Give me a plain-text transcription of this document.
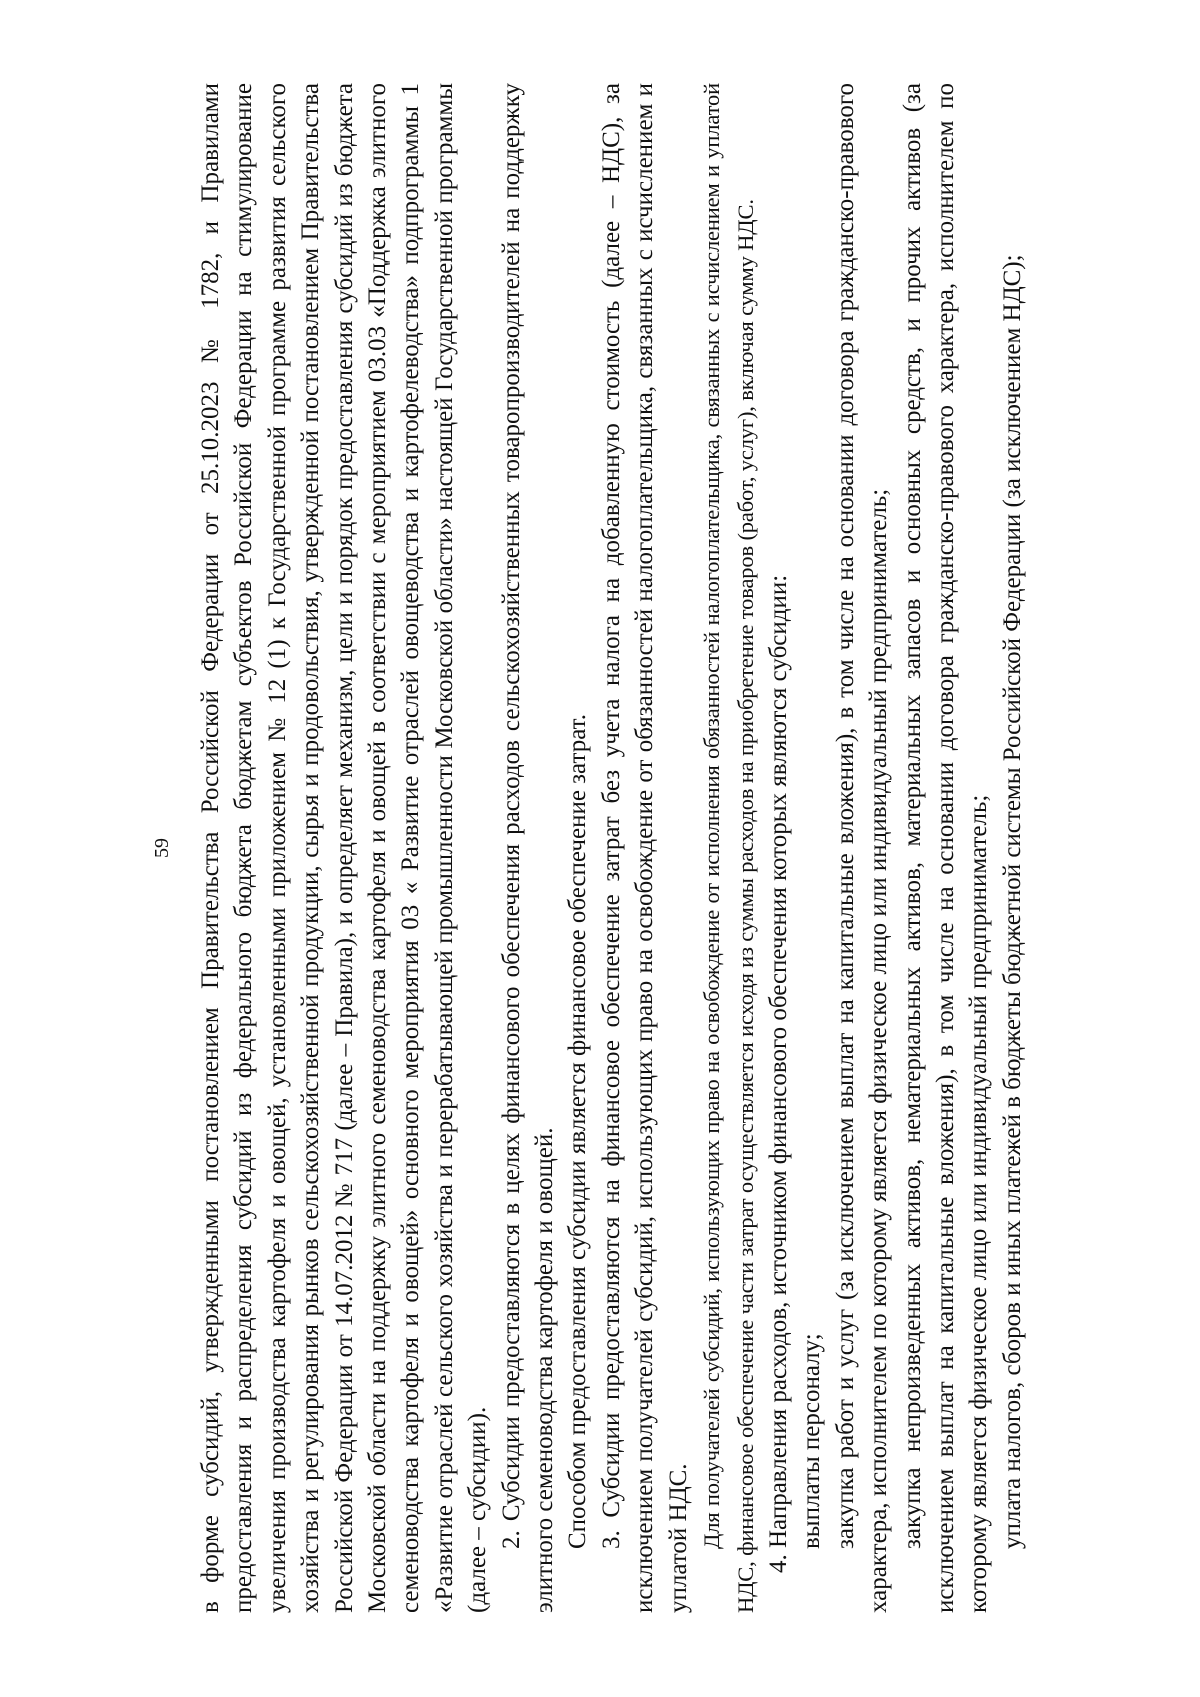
59 в форме субсидий, утвержденными постановлением Правительства Российской Федерации от 25.10.2023 № 1782, и Правилами предоставления и распределения субсидий из федерального бюджета бюджетам субъектов Российской Федерации на стимулирование увеличения производства картофеля и овощей, установленными приложением № 12 (1) к Государственной программе развития сельского хозяйства и регулирования рынков сельскохозяйственной продукции, сырья и продовольствия, утвержденной постановлением Правительства Российской Федерации от 14.07.2012 № 717 (далее – Правила), и определяет механизм, цели и порядок предоставления субсидий из бюджета Московской области на поддержку элитного семеноводства картофеля и овощей в соответствии с мероприятием 03.03 «Поддержка элитного семеноводства картофеля и овощей» основного мероприятия 03 « Развитие отраслей овощеводства и картофелеводства» подпрограммы 1 «Развитие отраслей сельского хозяйства и перерабатывающей промышленности Московской области» настоящей Государственной программы (далее – субсидии). 2. Субсидии предоставляются в целях финансового обеспечения расходов сельскохозяйственных товаропроизводителей на поддержку элитного семеноводства картофеля и овощей. Способом предоставления субсидии является финансовое обеспечение затрат. 3. Субсидии предоставляются на финансовое обеспечение затрат без учета налога на добавленную стоимость (далее – НДС), за исключением получателей субсидий, использующих право на освобождение от обязанностей налогоплательщика, связанных с исчислением и уплатой НДС. Для получателей субсидий, использующих право на освобождение от исполнения обязанностей налогоплательщика, связанных с исчислением и уплатой НДС, финансовое обеспечение части затрат осуществляется исходя из суммы расходов на приобретение товаров (работ, услуг), включая сумму НДС. 4. Направления расходов, источником финансового обеспечения которых являются субсидии: выплаты персоналу; закупка работ и услуг (за исключением выплат на капитальные вложения), в том числе на основании договора гражданско-правового характера, исполнителем по которому является физическое лицо или индивидуальный предприниматель; закупка непроизведенных активов, нематериальных активов, материальных запасов и основных средств, и прочих активов (за исключением выплат на капитальные вложения), в том числе на основании договора гражданско-правового характера, исполнителем по которому является физическое лицо или индивидуальный предприниматель; уплата налогов, сборов и иных платежей в бюджеты бюджетной системы Российской Федерации (за исключением НДС);
